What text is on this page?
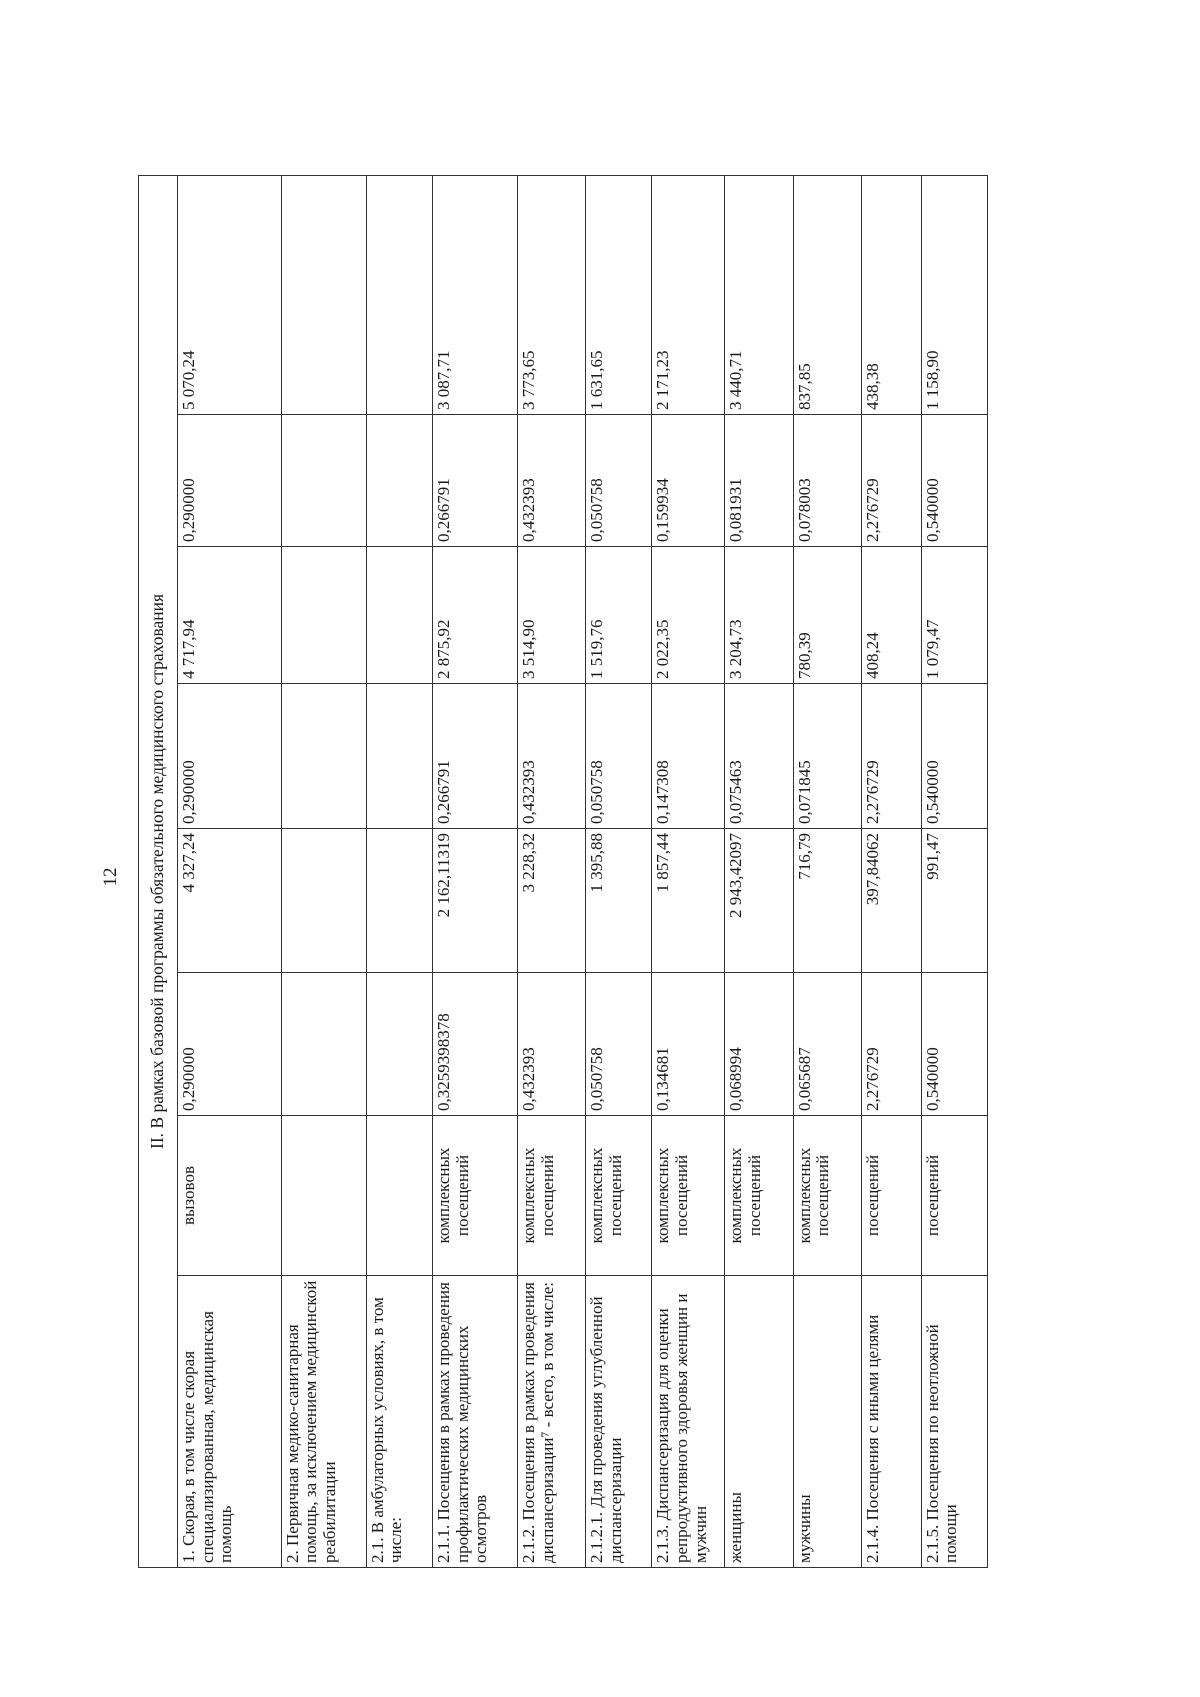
12 II. В рамках базовой программы обязательного медицинского страхования							
1. Скорая, в том числе скорая специализированная, медицинская помощь	вызовов	0,290000	4 327,24	0,290000	4 717,94	0,290000	5 070,24
2. Первичная медико-санитарная помощь, за исключением медицинской реабилитации							
2.1. В амбулаторных условиях, в том числе:							
2.1.1. Посещения в рамках проведения профилактических медицинских осмотров	комплексных посещений	0,3259398378	2 162,11319	0,266791	2 875,92	0,266791	3 087,71
2.1.2. Посещения в рамках проведения диспансеризации⁷ - всего, в том числе:	комплексных посещений	0,432393	3 228,32	0,432393	3 514,90	0,432393	3 773,65
2.1.2.1. Для проведения углубленной диспансеризации	комплексных посещений	0,050758	1 395,88	0,050758	1 519,76	0,050758	1 631,65
2.1.3. Диспансеризация для оценки репродуктивного здоровья женщин и мужчин	комплексных посещений	0,134681	1 857,44	0,147308	2 022,35	0,159934	2 171,23
женщины	комплексных посещений	0,068994	2 943,42097	0,075463	3 204,73	0,081931	3 440,71
мужчины	комплексных посещений	0,065687	716,79	0,071845	780,39	0,078003	837,85
2.1.4. Посещения с иными целями	посещений	2,276729	397,84062	2,276729	408,24	2,276729	438,38
2.1.5. Посещения по неотложной помощи	посещений	0,540000	991,47	0,540000	1 079,47	0,540000	1 158,90
